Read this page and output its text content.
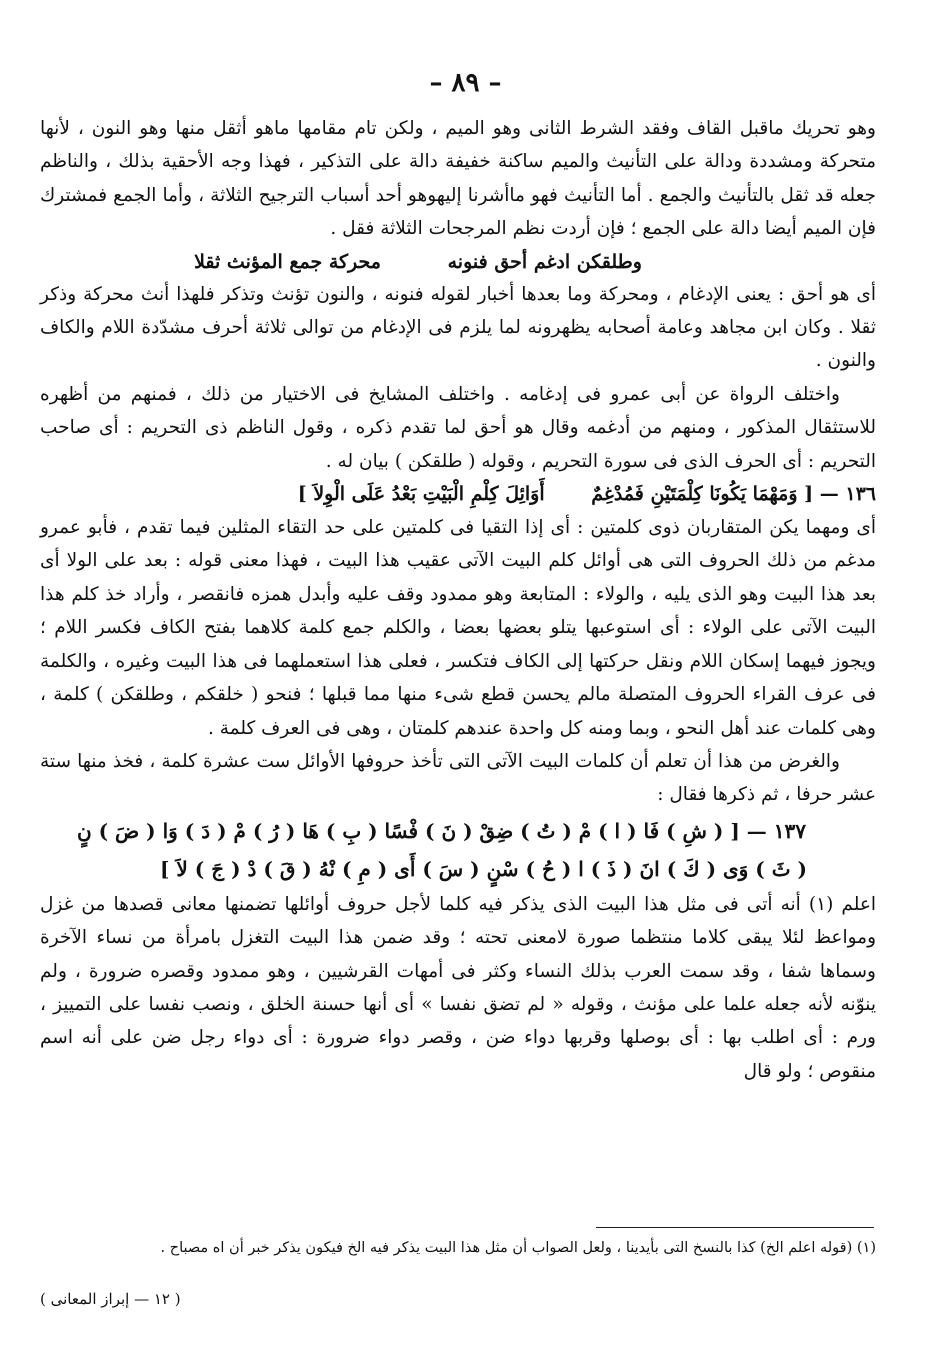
– ٨٩ –

وهو تحريك ماقبل القاف وفقد الشرط الثانى وهو الميم ، ولكن تام مقامها ماهو أثقل منها وهو النون ، لأنها متحركة ومشددة ودالة على التأنيث والميم ساكنة خفيفة دالة على التذكير ، فهذا وجه الأحقية بذلك ، والناظم جعله قد ثقل بالتأنيث والجمع . أما التأنيث فهو ماأشرنا إليهوهو أحد أسباب الترجيح الثلاثة ، وأما الجمع فمشترك فإن الميم أيضا دالة على الجمع ؛ فإن أردت نظم المرجحات الثلاثة فقل .

وطلقكن ادغم أحق فنونه محركة جمع المؤنث ثقلا

أى هو أحق : يعنى الإدغام ، ومحركة وما بعدها أخبار لقوله فنونه ، والنون تؤنث وتذكر فلهذا أنث محركة وذكر ثقلا . وكان ابن مجاهد وعامة أصحابه يظهرونه لما يلزم فى الإدغام من توالى ثلاثة أحرف مشدّدة اللام والكاف والنون .

واختلف الرواة عن أبى عمرو فى إدغامه . واختلف المشايخ فى الاختيار من ذلك ، فمنهم من أظهره للاستثقال المذكور ، ومنهم من أدغمه وقال هو أحق لما تقدم ذكره ، وقول الناظم ذى التحريم : أى صاحب التحريم : أى الحرف الذى فى سورة التحريم ، وقوله ( طلقكن ) بيان له .

١٣٦ — [ وَمَهْمَا يَكُونَا كِلْمَتَيْنِ فَمُدْغِمٌ أَوَائِلَ كِلْمِ الْبَيْتِ بَعْدُ عَلَى الْوِلاَ ]

أى ومهما يكن المتقاربان ذوى كلمتين : أى إذا التقيا فى كلمتين على حد التقاء المثلين فيما تقدم ، فأبو عمرو مدغم من ذلك الحروف التى هى أوائل كلم البيت الآتى عقيب هذا البيت ، فهذا معنى قوله : بعد على الولا أى بعد هذا البيت وهو الذى يليه ، والولاء : المتابعة وهو ممدود وقف عليه وأبدل همزه فانقصر ، وأراد خذ كلم هذا البيت الآتى على الولاء : أى استوعبها يتلو بعضها بعضا ، والكلم جمع كلمة كلاهما بفتح الكاف فكسر اللام ؛ ويجوز فيهما إسكان اللام ونقل حركتها إلى الكاف فتكسر ، فعلى هذا استعملهما فى هذا البيت وغيره ، والكلمة فى عرف القراء الحروف المتصلة مالم يحسن قطع شىء منها مما قبلها ؛ فنحو ( خلقكم ، وطلقكن ) كلمة ، وهى كلمات عند أهل النحو ، وبما ومنه كل واحدة عندهم كلمتان ، وهى فى العرف كلمة .

والغرض من هذا أن تعلم أن كلمات البيت الآتى التى تأخذ حروفها الأوائل ست عشرة كلمة ، فخذ منها ستة عشر حرفا ، ثم ذكرها فقال :

١٣٧ — [ ( شِ ) فَا ( ا ) مْ ( تُ ) ضِقْ ( نَ ) فْسًا ( بِ ) هَا ( رُ ) مْ ( دَ ) وَا ( ضَ ) نٍ
( ثَ ) وَى ( كَ ) انَ ( ذَ ) ا ( حُ ) سْنٍ ( سَ ) أَى ( مِ ) نْهُ ( قَ ) دْ ( جَ ) لاَ ]

اعلم (١) أنه أتى فى مثل هذا البيت الذى يذكر فيه كلما لأجل حروف أوائلها تضمنها معانى قصدها من غزل ومواعظ لئلا يبقى كلاما منتظما صورة لامعنى تحته ؛ وقد ضمن هذا البيت التغزل بامرأة من نساء الآخرة وسماها شفا ، وقد سمت العرب بذلك النساء وكثر فى أمهات القرشيين ، وهو ممدود وقصره ضرورة ، ولم ينوّنه لأنه جعله علما على مؤنث ، وقوله « لم تضق نفسا » أى أنها حسنة الخلق ، ونصب نفسا على التمييز ، ورم : أى اطلب بها : أى بوصلها وقربها دواء ضن ، وقصر دواء ضرورة : أى دواء رجل ضن على أنه اسم منقوص ؛ ولو قال

(١) (قوله اعلم الخ) كذا بالنسخ التى بأيدينا ، ولعل الصواب أن مثل هذا البيت يذكر فيه الخ فيكون يذكر خبر أن اه مصباح .
( ١٢ — إبراز المعانى )
